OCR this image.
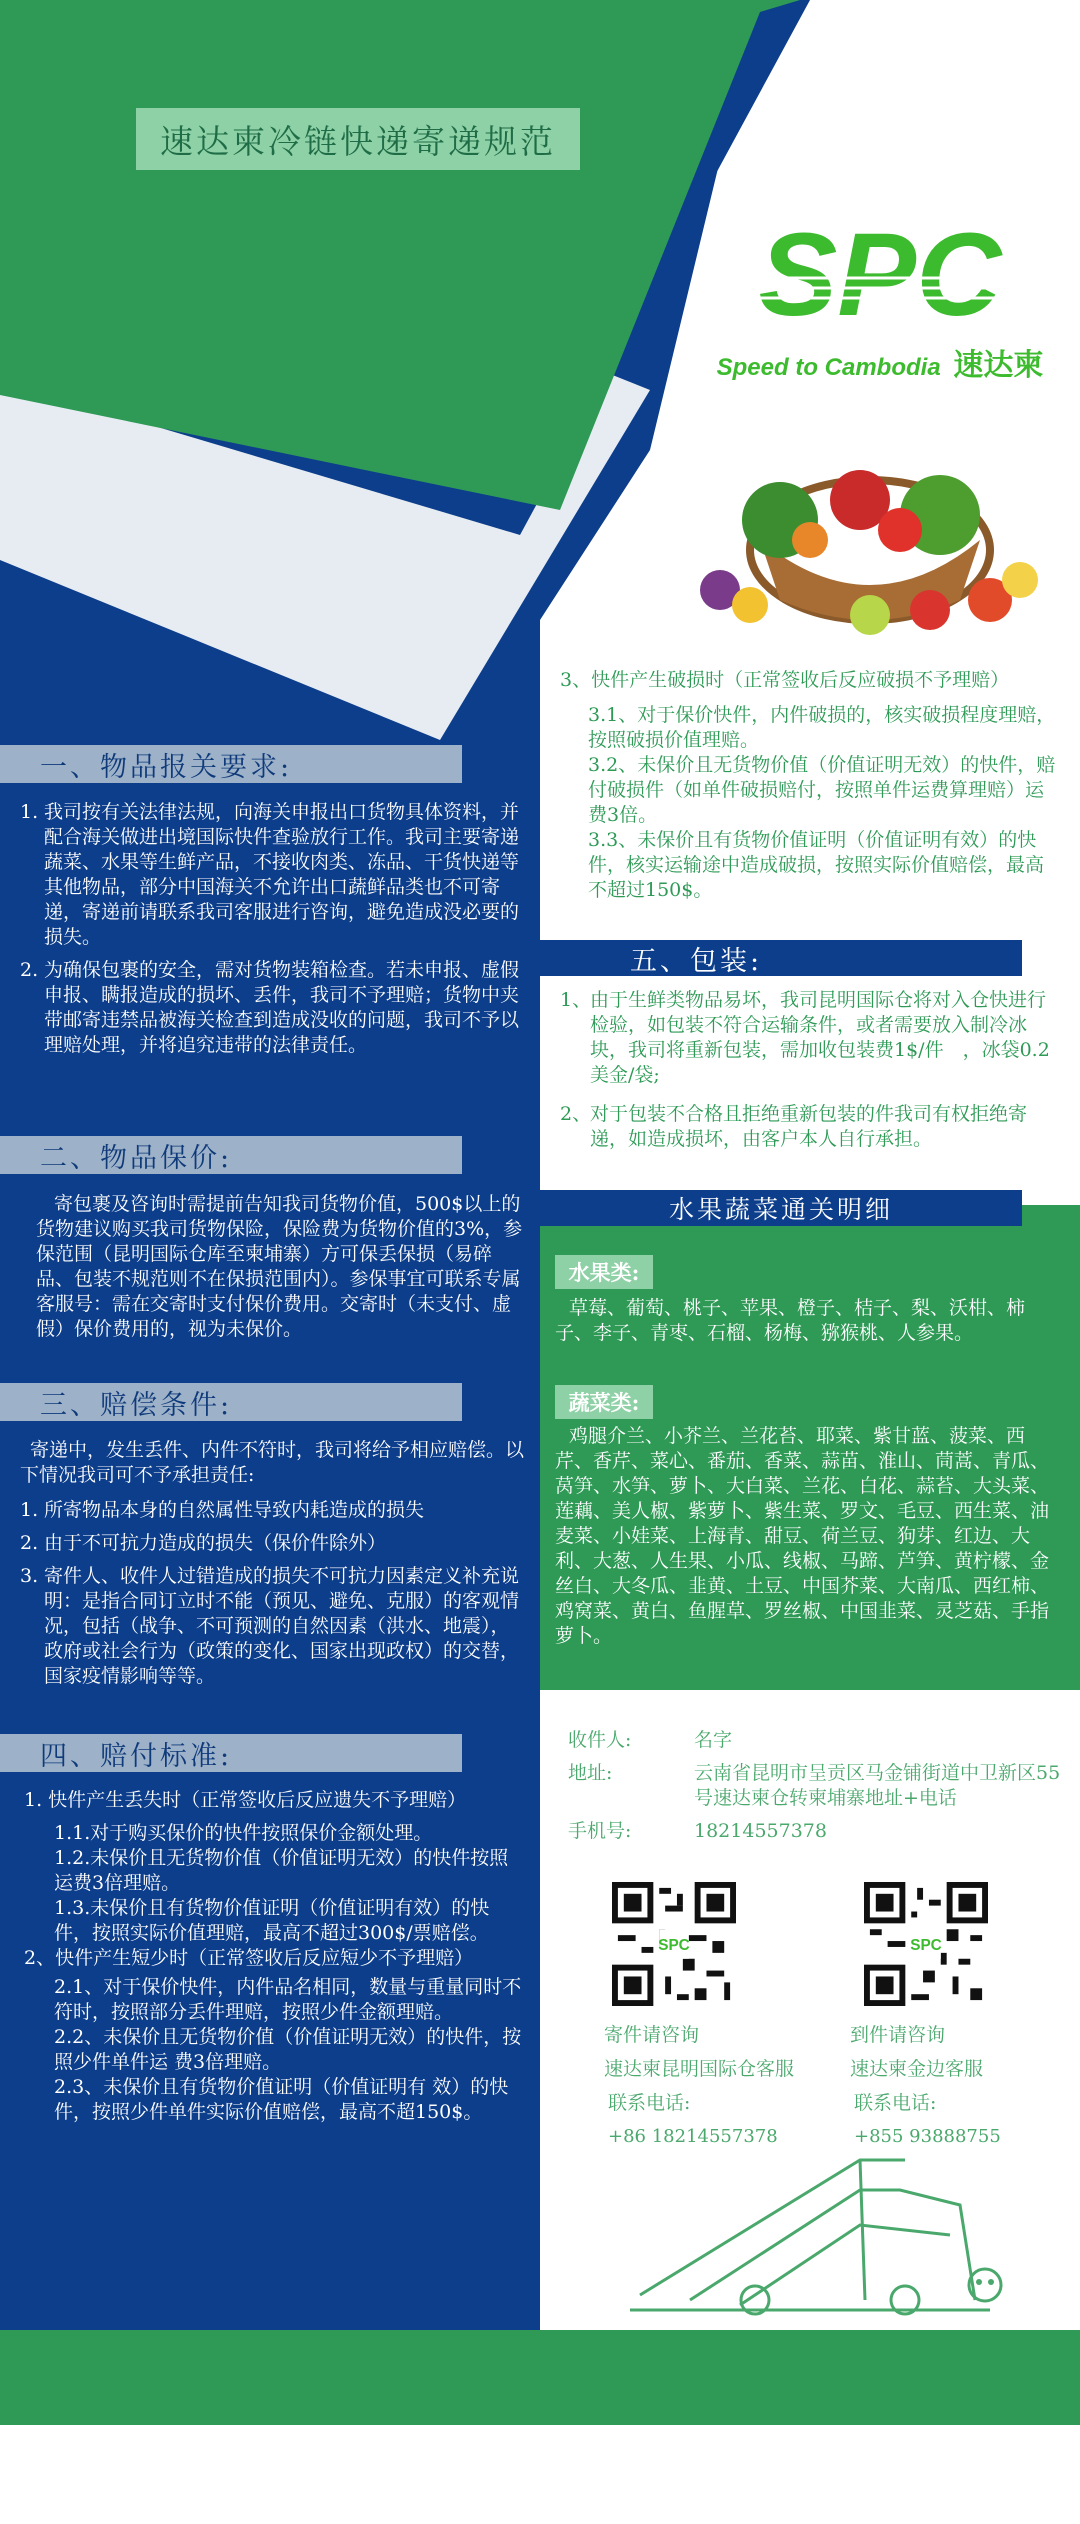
速达柬冷链快递寄递规范
SPC
Speed to Cambodia 速达柬
一、物品报关要求:
1. 我司按有关法律法规，向海关申报出口货物具体资料，并配合海关做进出境国际快件查验放行工作。我司主要寄递蔬菜、水果等生鲜产品，不接收肉类、冻品、干货快递等其他物品，部分中国海关不允许出口蔬鲜品类也不可寄递，寄递前请联系我司客服进行咨询，避免造成没必要的损失。
2. 为确保包裹的安全，需对货物装箱检查。若未申报、虚假申报、瞒报造成的损坏、丢件，我司不予理赔；货物中夹带邮寄违禁品被海关检查到造成没收的问题，我司不予以理赔处理，并将追究违带的法律责任。
二、物品保价:
寄包裹及咨询时需提前告知我司货物价值，500$以上的货物建议购买我司货物保险，保险费为货物价值的3%，参保范围（昆明国际仓库至柬埔寨）方可保丢保损（易碎品、包装不规范则不在保损范围内）。参保事宜可联系专属客服号：需在交寄时支付保价费用。交寄时（未支付、虚假）保价费用的，视为未保价。
三、赔偿条件:

寄递中，发生丢件、内件不符时，我司将给予相应赔偿。以下情况我司可不予承担责任:

1. 所寄物品本身的自然属性导致内耗造成的损失
2. 由于不可抗力造成的损失（保价件除外）
3. 寄件人、收件人过错造成的损失不可抗力因素定义补充说明：是指合同订立时不能（预见、避免、克服）的客观情况，包括（战争、不可预测的自然因素（洪水、地震），政府或社会行为（政策的变化、国家出现政权）的交替，国家疫情影响等等。
四、赔付标准:

1. 快件产生丢失时（正常签收后反应遗失不予理赔）

1.1.对于购买保价的快件按照保价金额处理。

1.2.未保价且无货物价值（价值证明无效）的快件按照运费3倍理赔。

1.3.未保价且有货物价值证明（价值证明有效）的快件，按照实际价值理赔，最高不超过300$/票赔偿。

2、快件产生短少时（正常签收后反应短少不予理赔）

2.1、对于保价快件，内件品名相同，数量与重量同时不符时，按照部分丢件理赔，按照少件金额理赔。

2.2、未保价且无货物价值（价值证明无效）的快件，按照少件单件运 费3倍理赔。

2.3、未保价且有货物价值证明（价值证明有 效）的快件，按照少件单件实际价值赔偿，最高不超150$。

3、快件产生破损时（正常签收后反应破损不予理赔）

3.1、对于保价快件，内件破损的，核实破损程度理赔，按照破损价值理赔。

3.2、未保价且无货物价值（价值证明无效）的快件，赔付破损件（如单件破损赔付，按照单件运费算理赔）运费3倍。

3.3、未保价且有货物价值证明（价值证明有效）的快件，核实运输途中造成破损，按照实际价值赔偿，最高不超过150$。

五、包装:
1、
由于生鲜类物品易坏，我司昆明国际仓将对入仓快进行检验，如包装不符合运输条件，或者需要放入制冷冰块，我司将重新包装，需加收包装费1$/件　，冰袋0.2美金/袋;
2、
对于包装不合格且拒绝重新包装的件我司有权拒绝寄递，如造成损坏，由客户本人自行承担。
水果蔬菜通关明细
水果类:
草莓、葡萄、桃子、苹果、橙子、桔子、梨、沃柑、柿子、李子、青枣、石榴、杨梅、猕猴桃、人参果。
蔬菜类:
鸡腿介兰、小芥兰、兰花苔、耶菜、紫甘蓝、菠菜、西芹、香芹、菜心、番茄、香菜、蒜苗、淮山、茼蒿、青瓜、莴笋、水笋、萝卜、大白菜、兰花、白花、蒜苔、大头菜、莲藕、美人椒、紫萝卜、紫生菜、罗文、毛豆、西生菜、油麦菜、小娃菜、上海青、甜豆、荷兰豆、狗芽、红边、大利、大葱、人生果、小瓜、线椒、马蹄、芦笋、黄柠檬、金丝白、大冬瓜、韭黄、土豆、中国芥菜、大南瓜、西红柿、鸡窝菜、黄白、鱼腥草、罗丝椒、中国韭菜、灵芝菇、手指萝卜。
收件人:	名字
地址:	云南省昆明市呈贡区马金铺街道中卫新区55号速达柬仓转柬埔寨地址+电话
手机号:	18214557378
SPC	SPC
寄件请咨询
速达柬昆明国际仓客服
联系电话:
+86 18214557378
到件请咨询
速达柬金边客服
联系电话:
+855 93888755
